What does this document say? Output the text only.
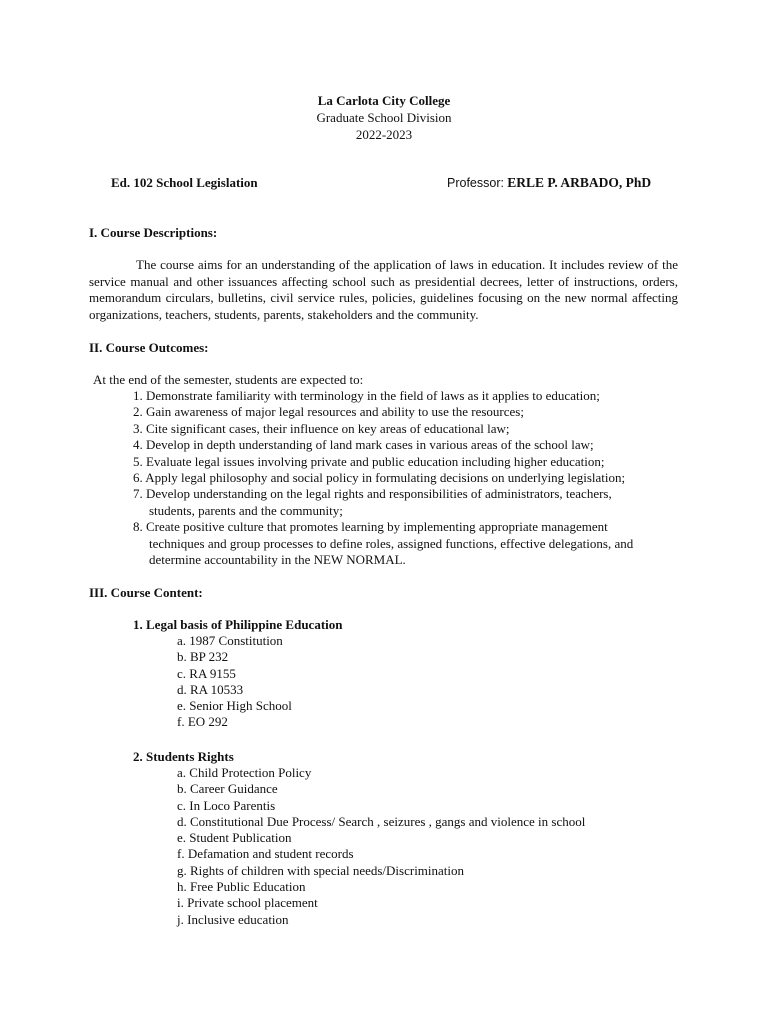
La Carlota City College
Graduate School Division
2022-2023
Ed. 102 School Legislation	Professor: ERLE P. ARBADO, PhD
I. Course Descriptions:

The course aims for an understanding of the application of laws in education. It includes review of the service manual and other issuances affecting school such as presidential decrees, letter of instructions, orders, memorandum circulars, bulletins, civil service rules, policies, guidelines focusing on the new normal affecting organizations, teachers, students, parents, stakeholders and the community.

II. Course Outcomes:
At the end of the semester, students are expected to:
1. Demonstrate familiarity with terminology in the field of laws as it applies to education;
2. Gain awareness of major legal resources and ability to use the resources;
3. Cite significant cases, their influence on key areas of educational law;
4. Develop in depth understanding of land mark cases in various areas of the school law;
5. Evaluate legal issues involving private and public education including higher education;
6. Apply legal philosophy and social policy in formulating decisions on underlying legislation;
7. Develop understanding on the legal rights and responsibilities of administrators, teachers,
students, parents and the community;
8. Create positive culture that promotes learning by implementing appropriate management
techniques and group processes to define roles, assigned functions, effective delegations, and
determine accountability in the NEW NORMAL.
III. Course Content:
1. Legal basis of Philippine Education
a. 1987 Constitution
b. BP 232
c. RA 9155
d. RA 10533
e. Senior High School
f. EO 292
2. Students Rights
a. Child Protection Policy
b. Career Guidance
c. In Loco Parentis
d. Constitutional Due Process/ Search , seizures , gangs and violence in school
e. Student Publication
f. Defamation and student records
g. Rights of children with special needs/Discrimination
h. Free Public Education
i. Private school placement
j. Inclusive education
